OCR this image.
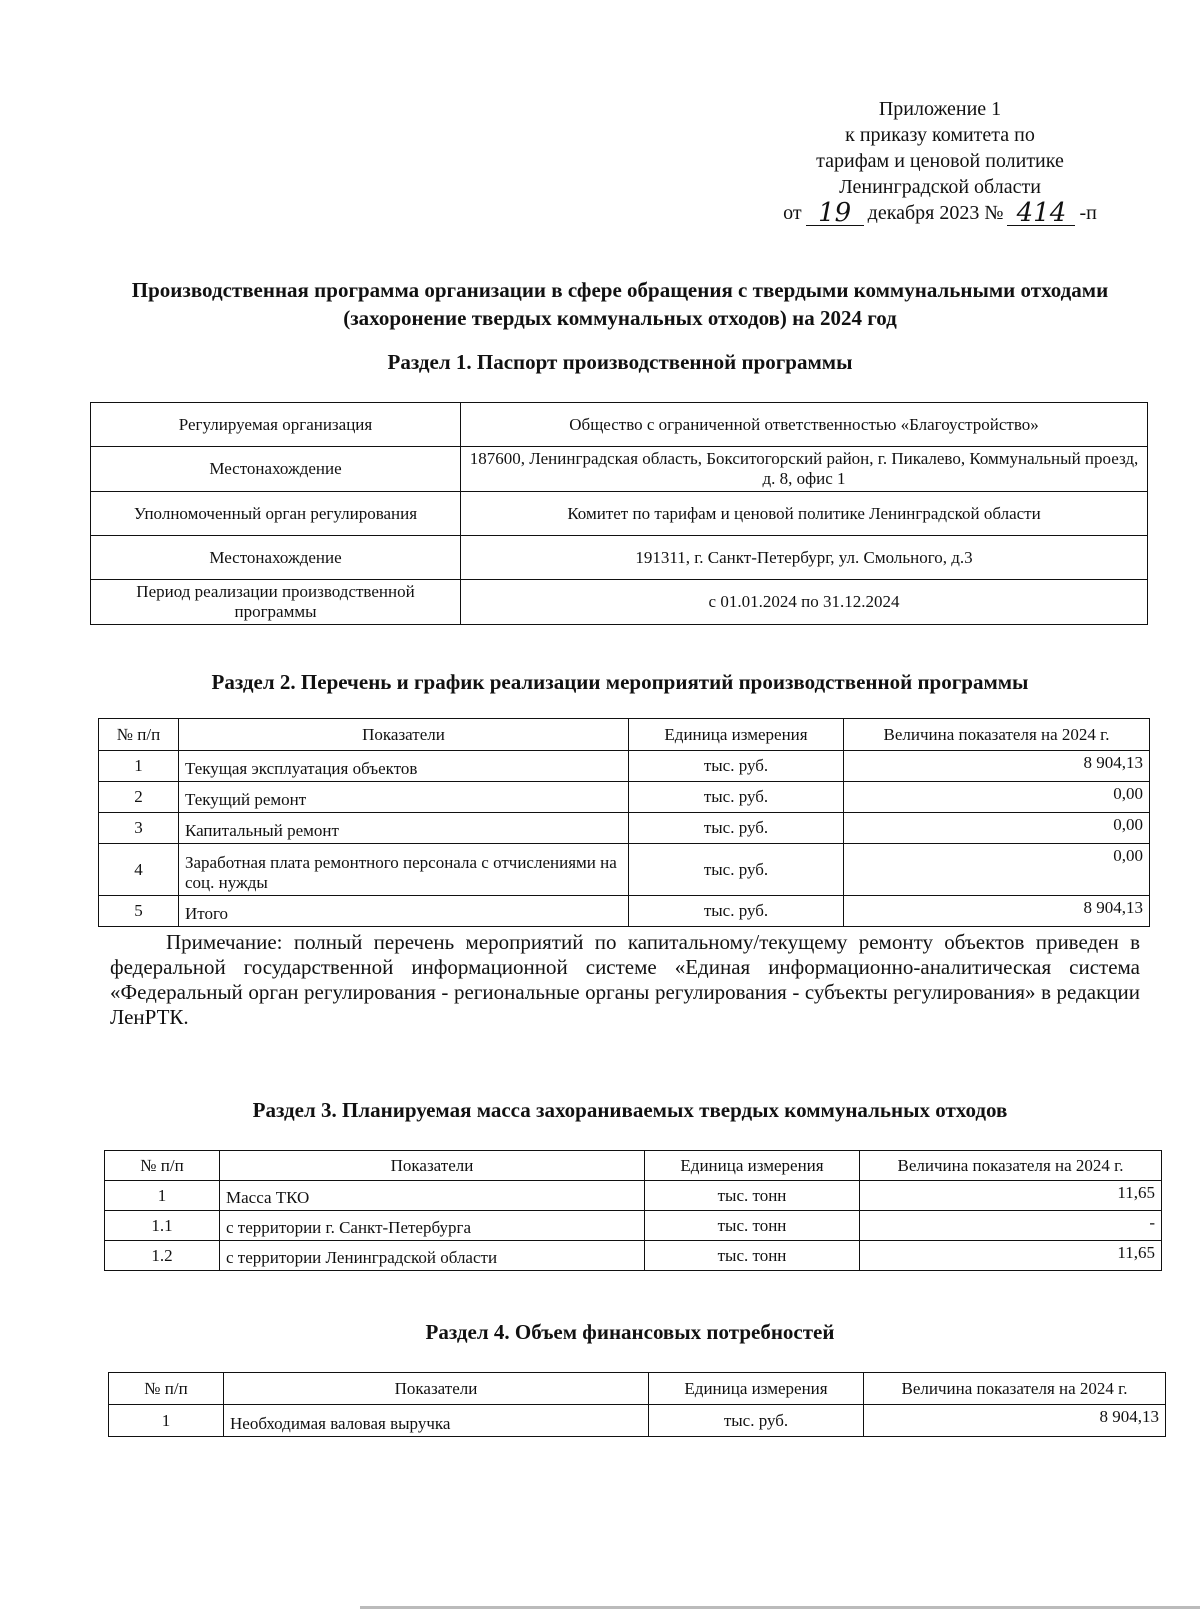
Приложение 1
к приказу комитета по
тарифам и ценовой политике
Ленинградской области
от 19 декабря 2023 № 414 -п
Производственная программа организации в сфере обращения с твердыми коммунальными отходами (захоронение твердых коммунальных отходов) на 2024 год
Раздел 1. Паспорт производственной программы
Регулируемая организация	Общество с ограниченной ответственностью «Благоустройство»
Местонахождение	187600, Ленинградская область, Бокситогорский район, г. Пикалево, Коммунальный проезд, д. 8, офис 1
Уполномоченный орган регулирования	Комитет по тарифам и ценовой политике Ленинградской области
Местонахождение	191311, г. Санкт-Петербург, ул. Смольного, д.3
Период реализации производственной программы	с 01.01.2024 по 31.12.2024
Раздел 2. Перечень и график реализации мероприятий производственной программы
№ п/п	Показатели	Единица измерения	Величина показателя на 2024 г.
1	Текущая эксплуатация объектов	тыс. руб.	8 904,13
2	Текущий ремонт	тыс. руб.	0,00
3	Капитальный ремонт	тыс. руб.	0,00
4	Заработная плата ремонтного персонала с отчислениями на соц. нужды	тыс. руб.	0,00
5	Итого	тыс. руб.	8 904,13

Примечание: полный перечень мероприятий по капитальному/текущему ремонту объектов приведен в федеральной государственной информационной системе «Единая информационно-аналитическая система «Федеральный орган регулирования - региональные органы регулирования - субъекты регулирования» в редакции ЛенРТК.

Раздел 3. Планируемая масса захораниваемых твердых коммунальных отходов
№ п/п	Показатели	Единица измерения	Величина показателя на 2024 г.
1	Масса ТКО	тыс. тонн	11,65
1.1	с территории г. Санкт-Петербурга	тыс. тонн	-
1.2	с территории Ленинградской области	тыс. тонн	11,65
Раздел 4. Объем финансовых потребностей
№ п/п	Показатели	Единица измерения	Величина показателя на 2024 г.
1	Необходимая валовая выручка	тыс. руб.	8 904,13
